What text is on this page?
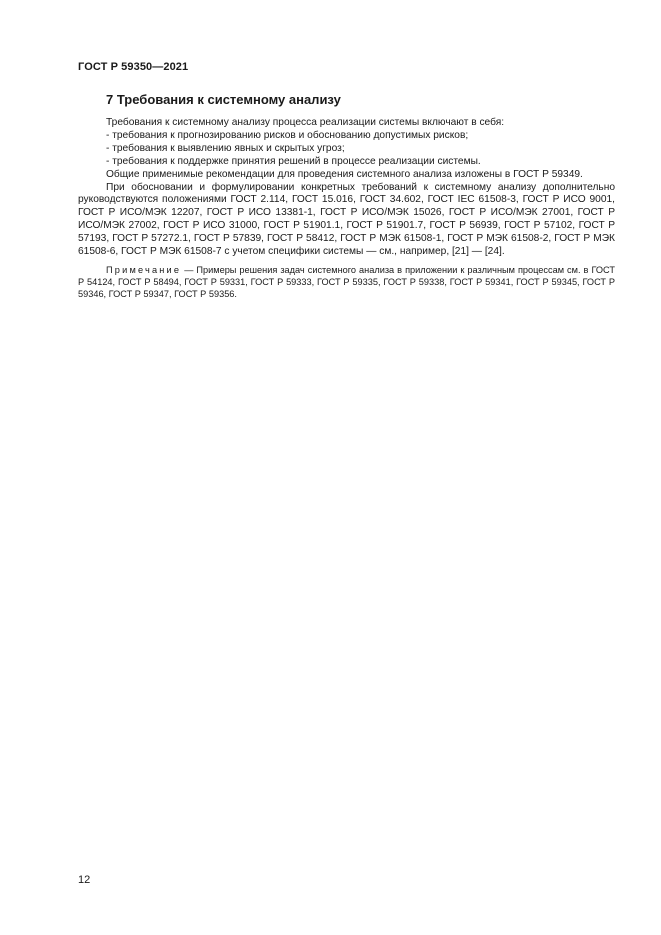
ГОСТ Р 59350—2021
7 Требования к системному анализу

Требования к системному анализу процесса реализации системы включают в себя:

- требования к прогнозированию рисков и обоснованию допустимых рисков;

- требования к выявлению явных и скрытых угроз;

- требования к поддержке принятия решений в процессе реализации системы.

Общие применимые рекомендации для проведения системного анализа изложены в ГОСТ Р 59349.

При обосновании и формулировании конкретных требований к системному анализу дополнительно руководствуются положениями ГОСТ 2.114, ГОСТ 15.016, ГОСТ 34.602, ГОСТ IEC 61508-3, ГОСТ Р ИСО 9001, ГОСТ Р ИСО/МЭК 12207, ГОСТ Р ИСО 13381-1, ГОСТ Р ИСО/МЭК 15026, ГОСТ Р ИСО/МЭК 27001, ГОСТ Р ИСО/МЭК 27002, ГОСТ Р ИСО 31000, ГОСТ Р 51901.1, ГОСТ Р 51901.7, ГОСТ Р 56939, ГОСТ Р 57102, ГОСТ Р 57193, ГОСТ Р 57272.1, ГОСТ Р 57839, ГОСТ Р 58412, ГОСТ Р МЭК 61508-1, ГОСТ Р МЭК 61508-2, ГОСТ Р МЭК 61508-6, ГОСТ Р МЭК 61508-7 с учетом специфики системы — см., например, [21] — [24].

Примечание — Примеры решения задач системного анализа в приложении к различным процессам см. в ГОСТ Р 54124, ГОСТ Р 58494, ГОСТ Р 59331, ГОСТ Р 59333, ГОСТ Р 59335, ГОСТ Р 59338, ГОСТ Р 59341, ГОСТ Р 59345, ГОСТ Р 59346, ГОСТ Р 59347, ГОСТ Р 59356.

12
